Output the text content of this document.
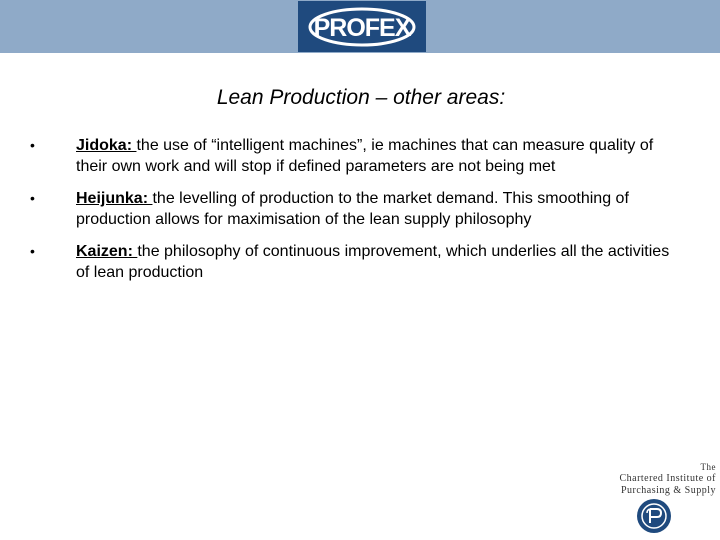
PROFEX
Lean Production – other areas:
•	Jidoka: the use of “intelligent machines”, ie machines that can measure quality of their own work and will stop if defined parameters are not being met
•	Heijunka: the levelling of production to the market demand. This smoothing of production allows for maximisation of the lean supply philosophy
•	Kaizen: the philosophy of continuous improvement, which underlies all the activities of lean production
The
Chartered Institute of
Purchasing & Supply
